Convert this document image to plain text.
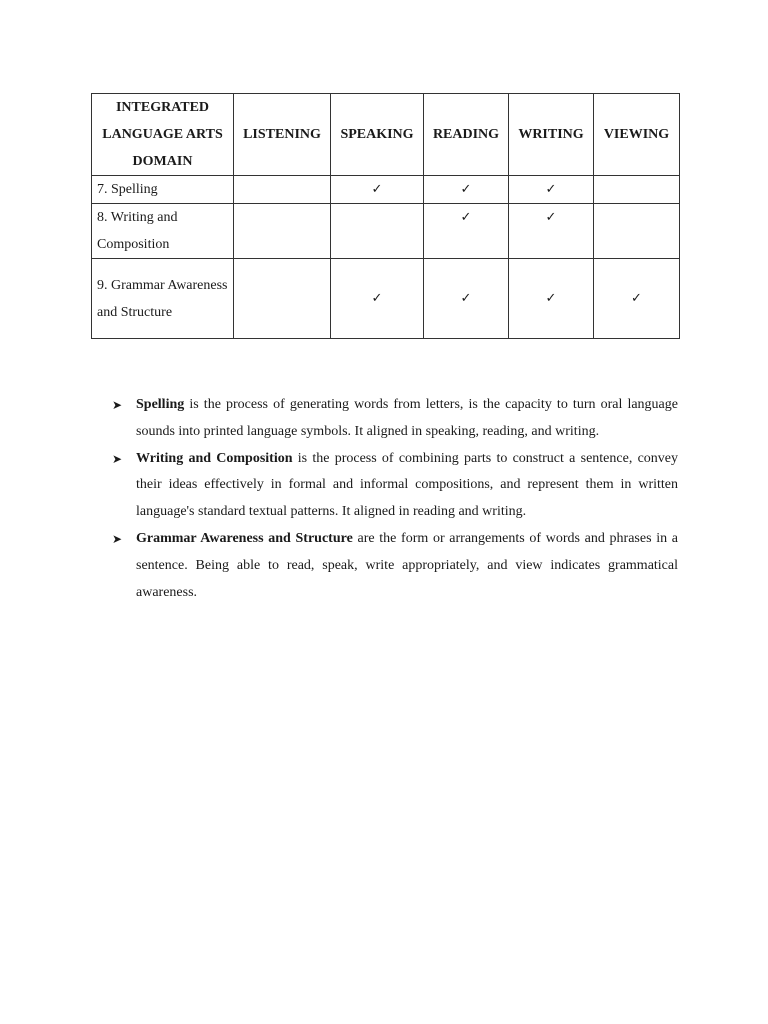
INTEGRATED LANGUAGE ARTS DOMAIN	LISTENING	SPEAKING	READING	WRITING	VIEWING
7. Spelling		✓	✓	✓	
8. Writing and Composition			✓	✓	
9. Grammar Awareness and Structure		✓	✓	✓	✓
➤ Spelling is the process of generating words from letters, is the capacity to turn oral language sounds into printed language symbols. It aligned in speaking, reading, and writing.
➤ Writing and Composition is the process of combining parts to construct a sentence, convey their ideas effectively in formal and informal compositions, and represent them in written language's standard textual patterns. It aligned in reading and writing.
➤ Grammar Awareness and Structure are the form or arrangements of words and phrases in a sentence. Being able to read, speak, write appropriately, and view indicates grammatical awareness.
